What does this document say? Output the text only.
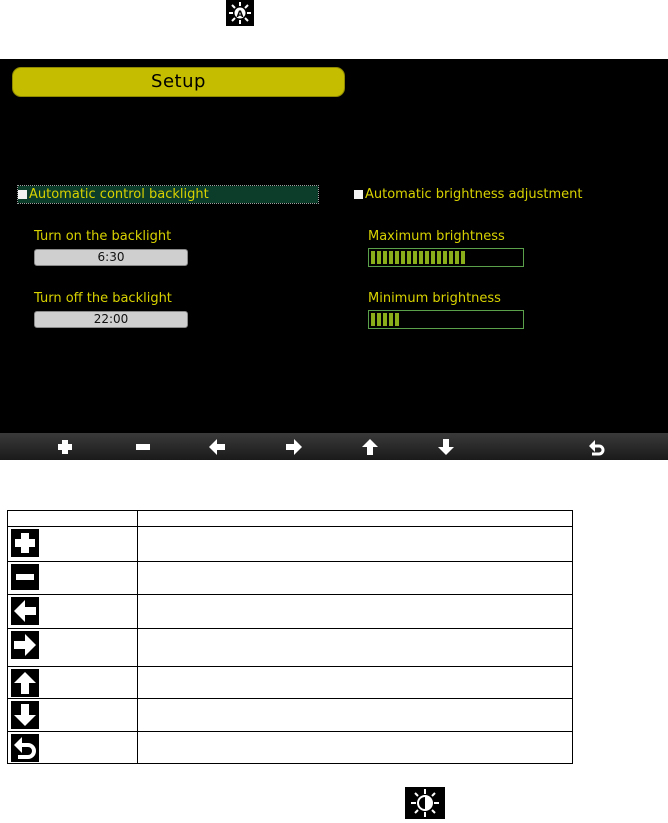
A
Setup
Automatic control backlight	Automatic brightness adjustment
Turn on the backlight
6:30
Turn off the backlight
22:00
Maximum brightness
Minimum brightness
